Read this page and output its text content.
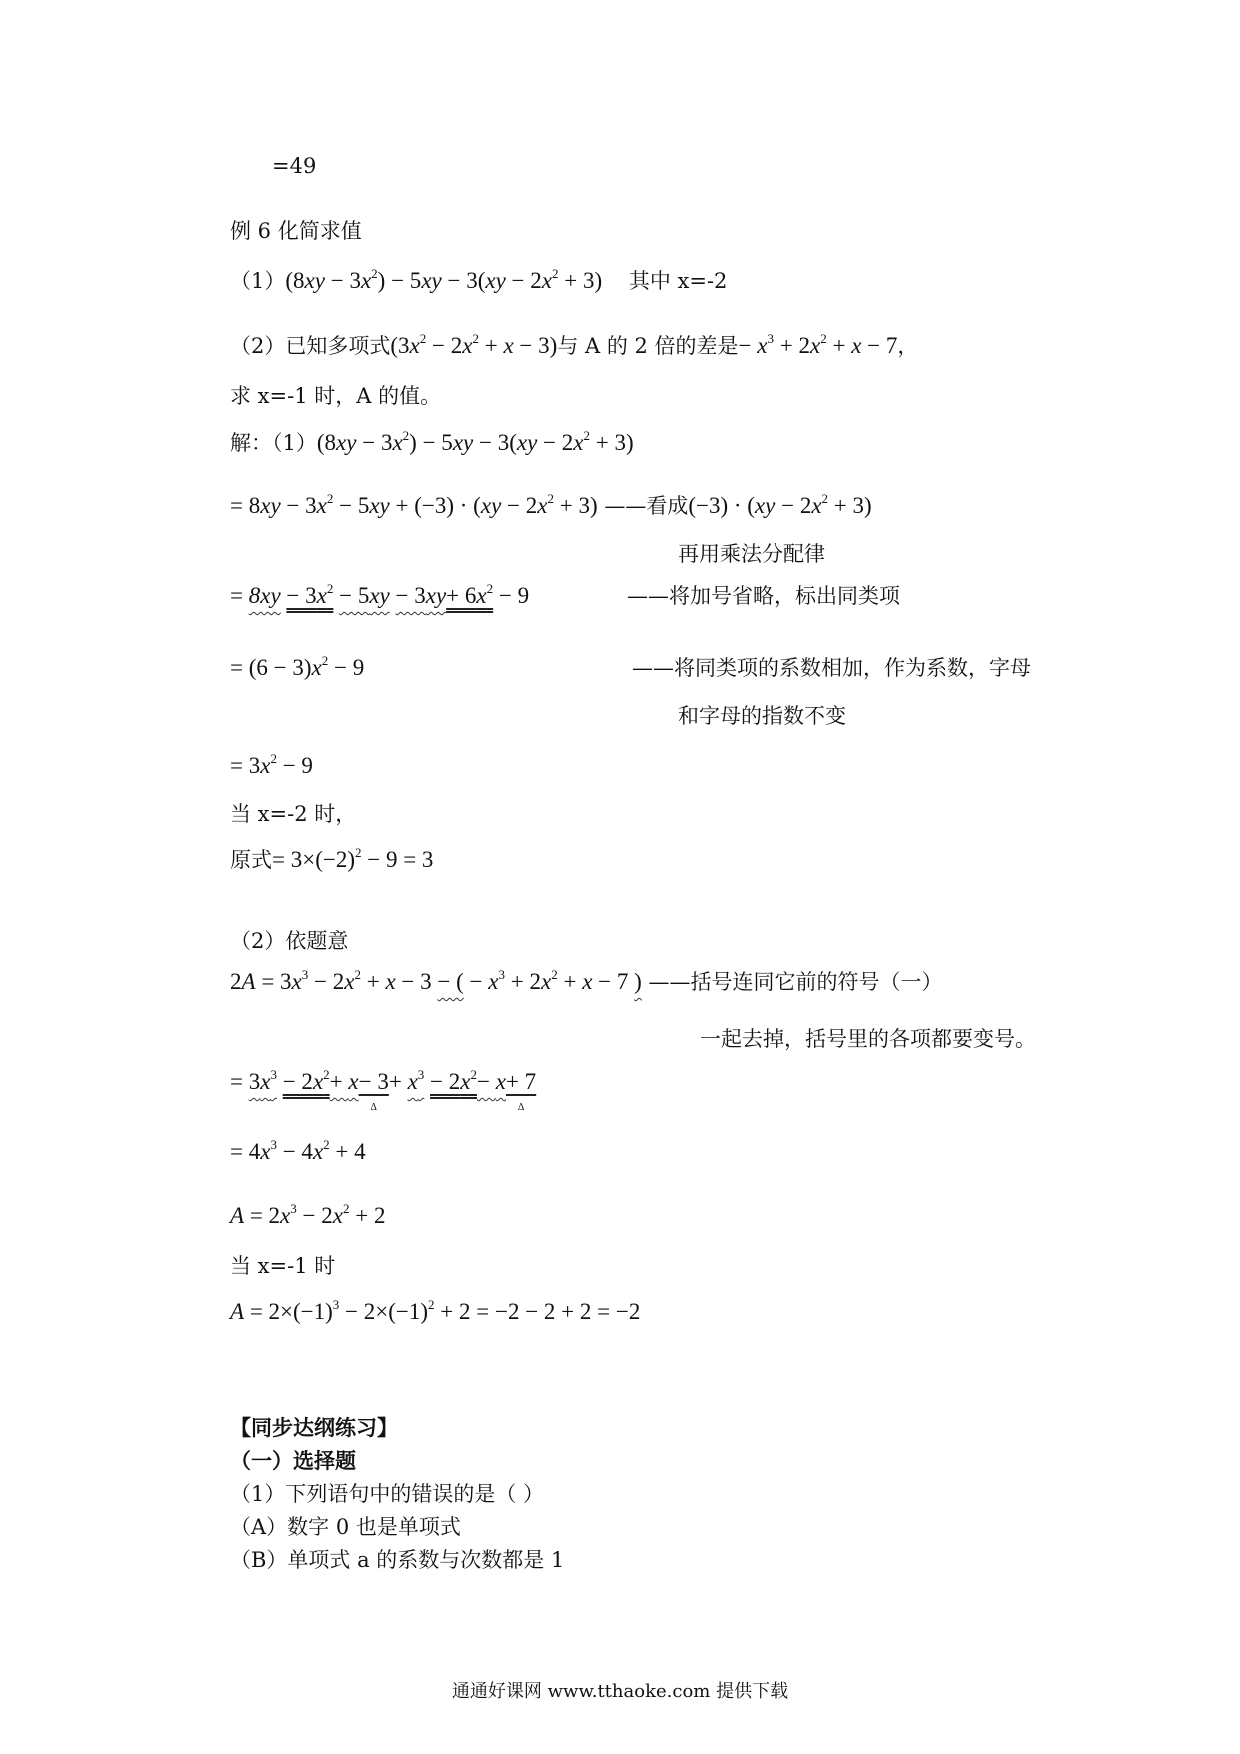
=49
例 6 化简求值
$(1)(8xy - 3x^2) - 5xy - 3(xy - 2x^2 + 3)$ 其中 x=-2
（2）已知多项式$(3x^2 - 2x^2 + x - 3)$与 A 的 2 倍的差是− $x^3 + 2x^2 + x - 7$，
求 x=-1 时，A 的值。
解：$(1)(8xy - 3x^2) - 5xy - 3(xy - 2x^2 + 3)$
= $8xy - 3x^2 - 5xy + (-3) \cdot (xy - 2x^2 + 3)$ ——看成$(-3) \cdot (xy - 2x^2 + 3)$
再用乘法分配律
= $8xy - 3x^2 - 5xy - 3xy+ 6x^2 - 9$	——将加号省略，标出同类项
= $(6 - 3)x^2 - 9$	——将同类项的系数相加，作为系数，字母
和字母的指数不变
= $3x^2 - 9$
当 x=-2 时，
原式= $3\times(-2)^2 - 9 = 3$
（2）依题意
$2A = 3x^3 - 2x^2 + x - 3$ − ( − $x^3 + 2x^2 + x - 7$ ) ——括号连同它前的符号（一）
一起去掉，括号里的各项都要变号。
= $3x^3 - 2x^2+ x- 3$ $\Delta+ x^3 - 2x^2- x+ 7$ Δ
= $4x^3 - 4x^2 + 4$
$A = 2x^3 - 2x^2 + 2$
当 x=-1 时
$A = 2\times(-1)^3 - 2\times(-1)^2 + 2 = -2 - 2 + 2 = -2$
【同步达纲练习】
（一）选择题
（1）下列语句中的错误的是（ ）
（A）数字 0 也是单项式
（B）单项式 a 的系数与次数都是 1
通通好课网 www.tthaoke.com 提供下载
